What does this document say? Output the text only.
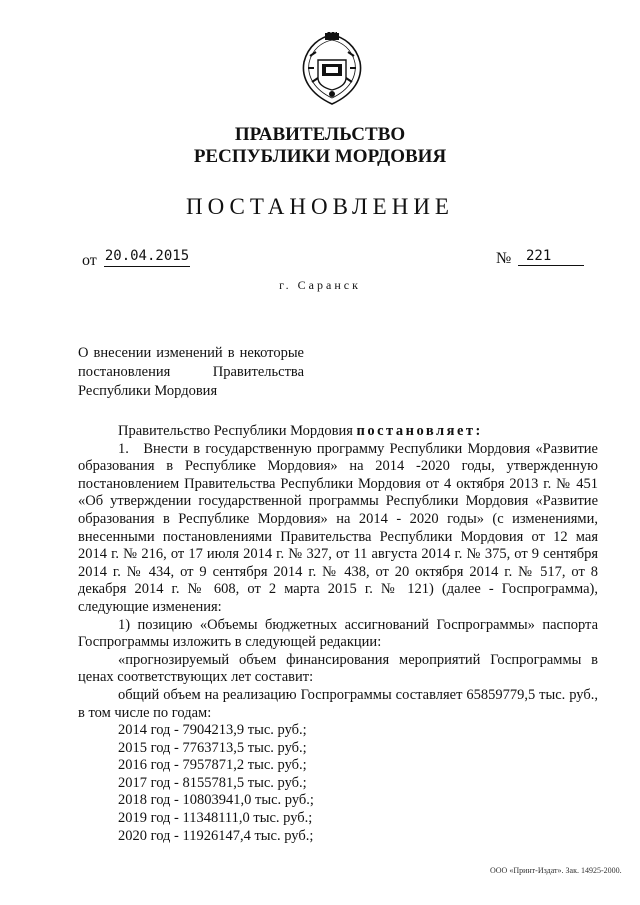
ПРАВИТЕЛЬСТВО
РЕСПУБЛИКИ МОРДОВИЯ
ПОСТАНОВЛЕНИЕ
от 20.04.2015	№	221
г. Саранск
О внесении изменений в некоторые постановления Правительства Республики Мордовия

Правительство Республики Мордовия постановляет:

1. Внести в государственную программу Республики Мордовия «Развитие образования в Республике Мордовия» на 2014 -2020 годы, утвержденную постановлением Правительства Республики Мордовия от 4 октября 2013 г. № 451 «Об утверждении государственной программы Республики Мордовия «Развитие образования в Республике Мордовия» на 2014 - 2020 годы» (с изменениями, внесенными постановлениями Правительства Республики Мордовия от 12 мая 2014 г. № 216, от 17 июля 2014 г. № 327, от 11 августа 2014 г. № 375, от 9 сентября 2014 г. № 434, от 9 сентября 2014 г. № 438, от 20 октября 2014 г. № 517, от 8 декабря 2014 г. № 608, от 2 марта 2015 г. № 121) (далее - Госпрограмма), следующие изменения:

1) позицию «Объемы бюджетных ассигнований Госпрограммы» паспорта Госпрограммы изложить в следующей редакции:

«прогнозируемый объем финансирования мероприятий Госпрограммы в ценах соответствующих лет составит:

общий объем на реализацию Госпрограммы составляет 65859779,5 тыс. руб., в том числе по годам:

2014 год - 7904213,9 тыс. руб.;
2015 год - 7763713,5 тыс. руб.;
2016 год - 7957871,2 тыс. руб.;
2017 год - 8155781,5 тыс. руб.;
2018 год - 10803941,0 тыс. руб.;
2019 год - 11348111,0 тыс. руб.;
2020 год - 11926147,4 тыс. руб.;
ООО «Принт-Издат». Зак. 14925-2000.
